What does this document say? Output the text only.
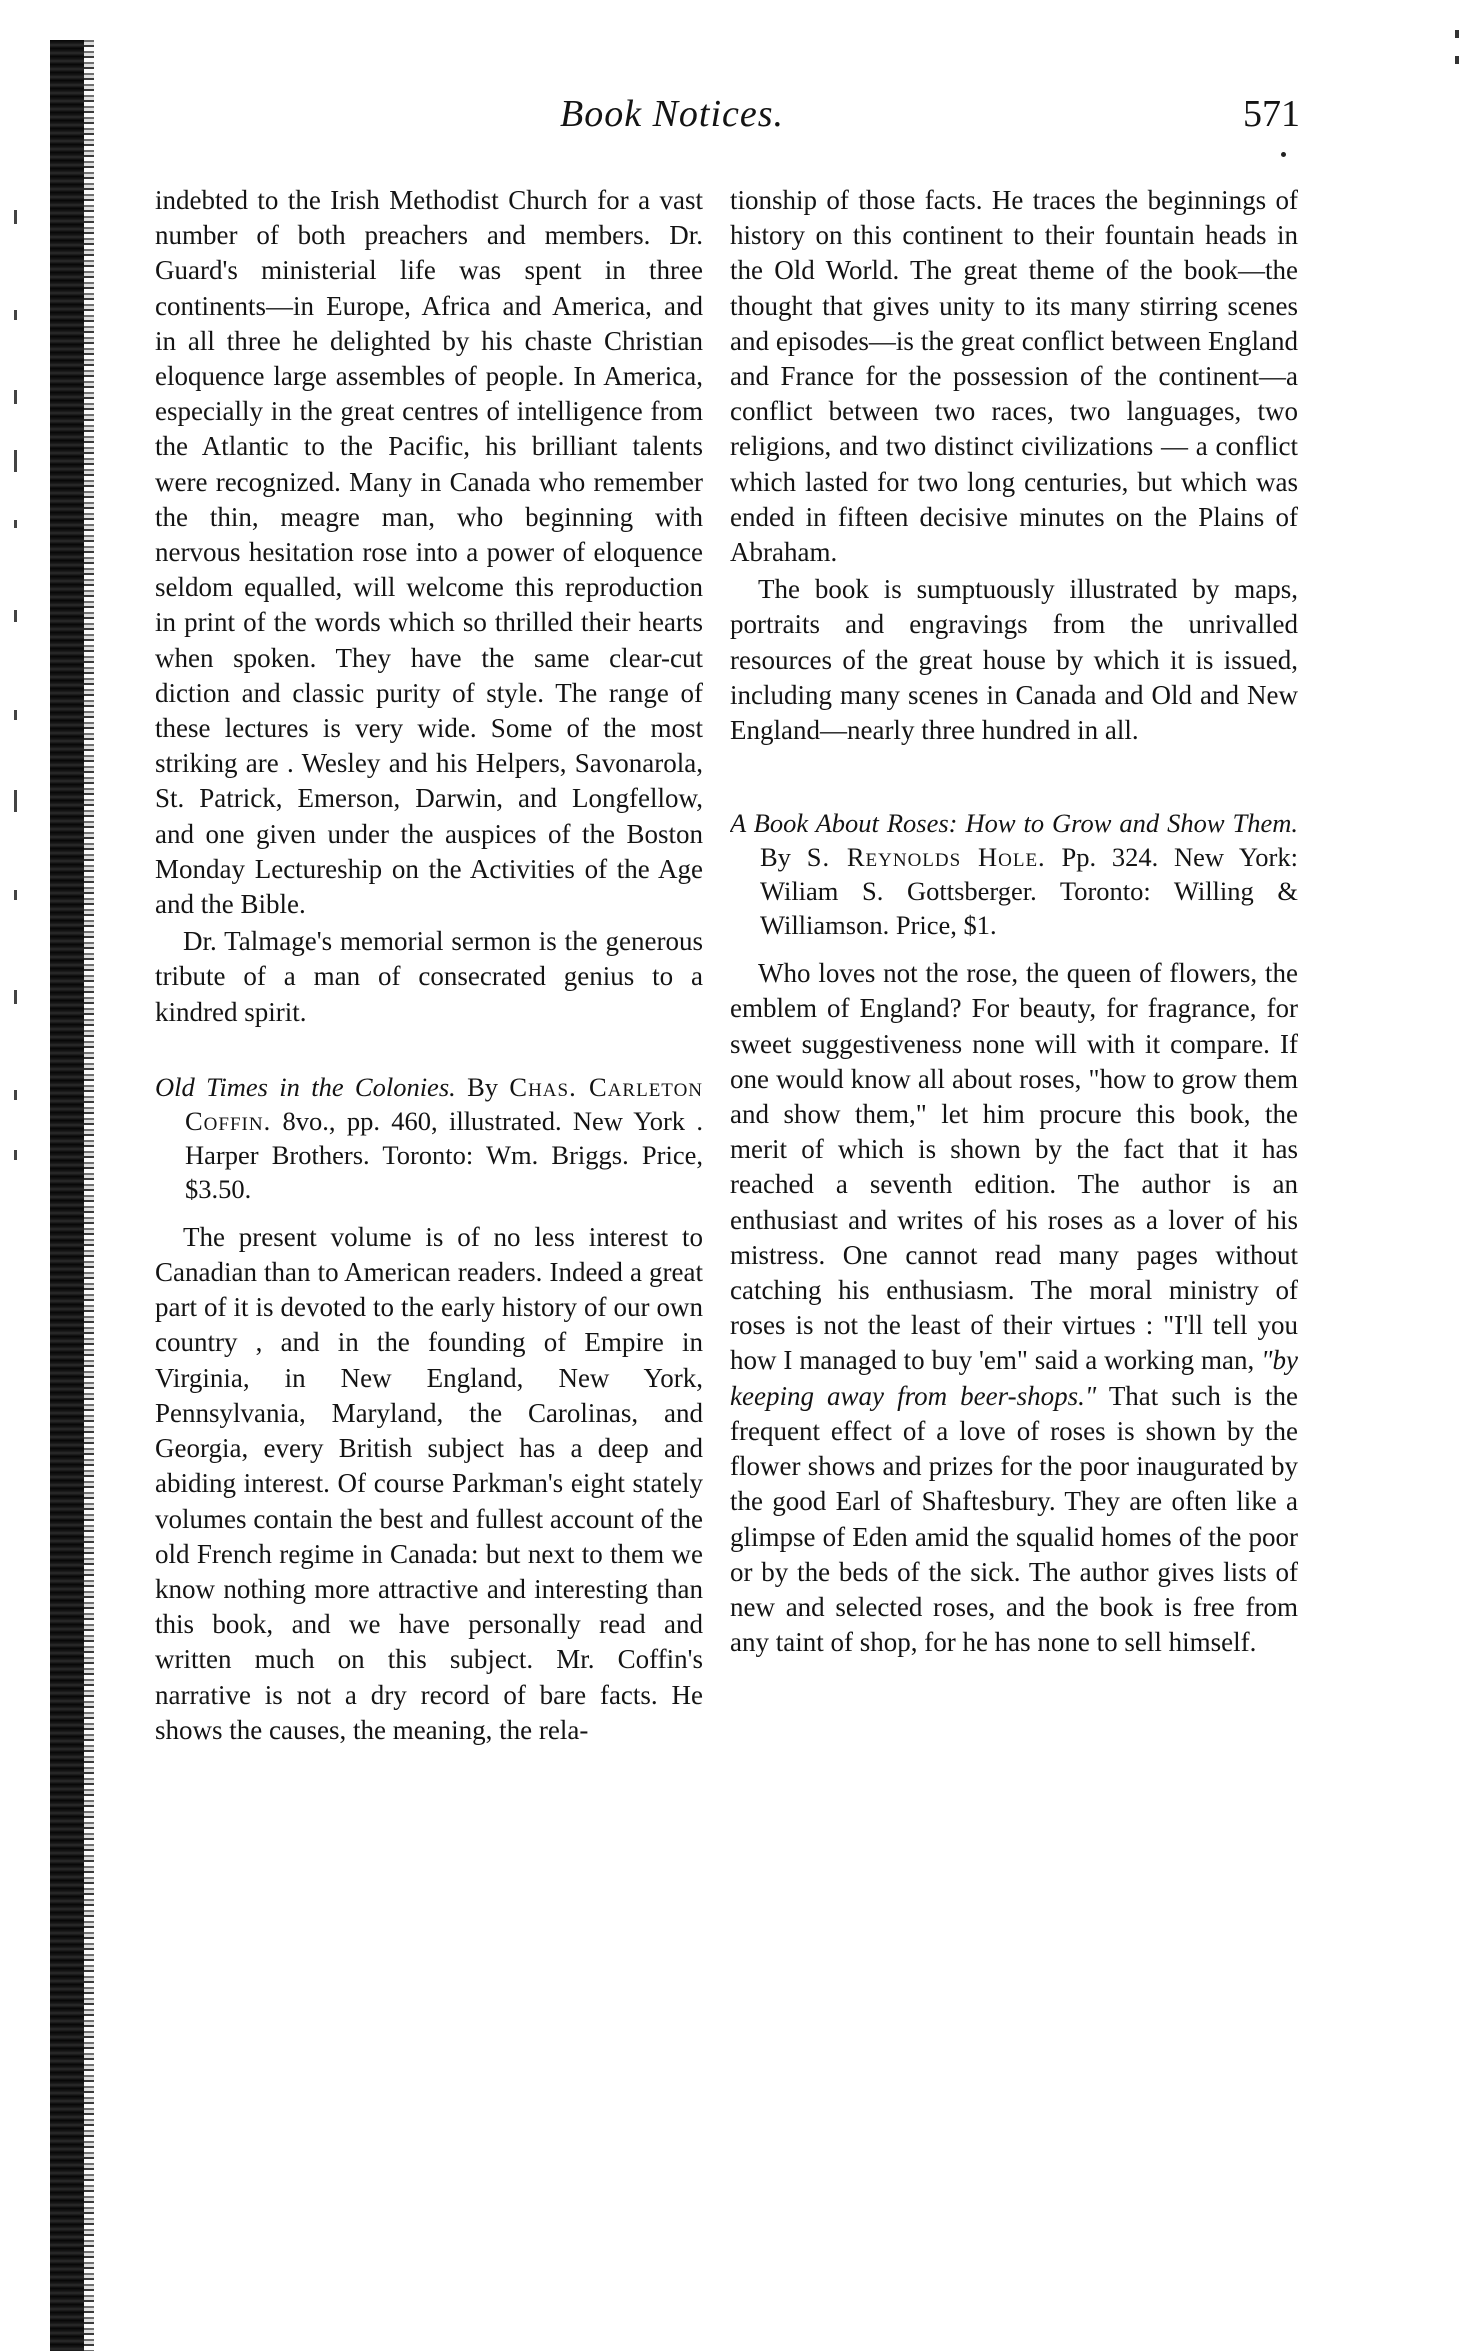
Book Notices.	571

indebted to the Irish Methodist Church for a vast number of both preachers and members. Dr. Guard's ministerial life was spent in three continents—in Europe, Africa and America, and in all three he delighted by his chaste Christian eloquence large assembles of people. In America, especially in the great centres of intelligence from the Atlantic to the Pacific, his brilliant talents were recognized. Many in Canada who remember the thin, meagre man, who beginning with nervous hesitation rose into a power of eloquence seldom equalled, will welcome this reproduction in print of the words which so thrilled their hearts when spoken. They have the same clear-cut diction and classic purity of style. The range of these lectures is very wide. Some of the most striking are . Wesley and his Helpers, Savonarola, St. Patrick, Emerson, Darwin, and Longfellow, and one given under the auspices of the Boston Monday Lectureship on the Activities of the Age and the Bible.

Dr. Talmage's memorial sermon is the generous tribute of a man of consecrated genius to a kindred spirit.

Old Times in the Colonies. By Chas. Carleton Coffin. 8vo., pp. 460, illustrated. New York . Harper Brothers. Toronto: Wm. Briggs. Price, $3.50.

The present volume is of no less interest to Canadian than to American readers. Indeed a great part of it is devoted to the early history of our own country , and in the founding of Empire in Virginia, in New England, New York, Pennsylvania, Maryland, the Carolinas, and Georgia, every British subject has a deep and abiding interest. Of course Parkman's eight stately volumes contain the best and fullest account of the old French regime in Canada: but next to them we know nothing more attractive and interesting than this book, and we have personally read and written much on this subject. Mr. Coffin's narrative is not a dry record of bare facts. He shows the causes, the meaning, the rela-

tionship of those facts. He traces the beginnings of history on this continent to their fountain heads in the Old World. The great theme of the book—the thought that gives unity to its many stirring scenes and episodes—is the great conflict between England and France for the possession of the continent—a conflict between two races, two languages, two religions, and two distinct civilizations — a conflict which lasted for two long centuries, but which was ended in fifteen decisive minutes on the Plains of Abraham.

The book is sumptuously illustrated by maps, portraits and engravings from the unrivalled resources of the great house by which it is issued, including many scenes in Canada and Old and New England—nearly three hundred in all.

A Book About Roses: How to Grow and Show Them. By S. Reynolds Hole. Pp. 324. New York: Wiliam S. Gottsberger. Toronto: Willing & Williamson. Price, $1.

Who loves not the rose, the queen of flowers, the emblem of England? For beauty, for fragrance, for sweet suggestiveness none will with it compare. If one would know all about roses, "how to grow them and show them," let him procure this book, the merit of which is shown by the fact that it has reached a seventh edition. The author is an enthusiast and writes of his roses as a lover of his mistress. One cannot read many pages without catching his enthusiasm. The moral ministry of roses is not the least of their virtues : "I'll tell you how I managed to buy 'em" said a working man, "by keeping away from beer-shops." That such is the frequent effect of a love of roses is shown by the flower shows and prizes for the poor inaugurated by the good Earl of Shaftesbury. They are often like a glimpse of Eden amid the squalid homes of the poor or by the beds of the sick. The author gives lists of new and selected roses, and the book is free from any taint of shop, for he has none to sell himself.
